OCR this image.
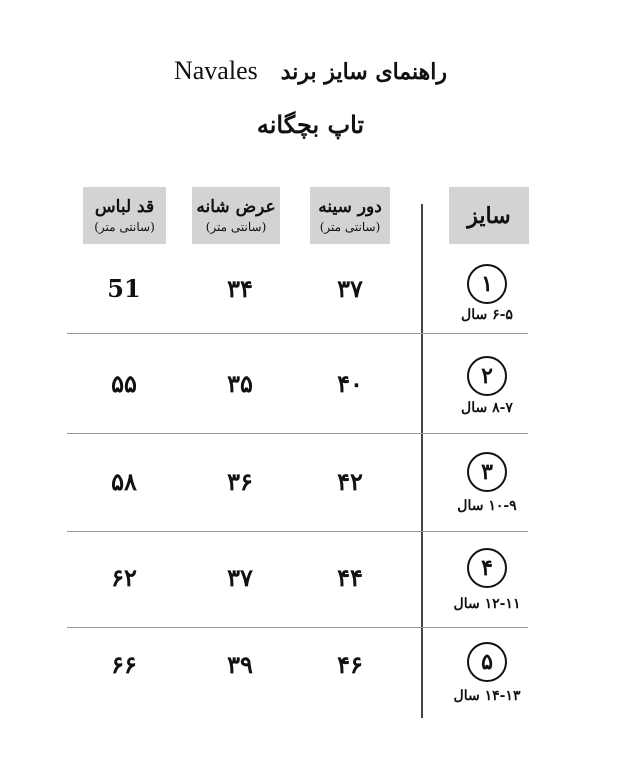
راهنمای سایز برند   Navales
تاپ بچگانه
سایز
دور سینه
(سانتی متر)
عرض شانه
(سانتی متر)
قد لباس
(سانتی متر)
۱
۶-۵ سال
۳۷
۳۴
51
۲
۸-۷ سال
۴۰
۳۵
۵۵
۳
۱۰-۹ سال
۴۲
۳۶
۵۸
۴
۱۲-۱۱ سال
۴۴
۳۷
۶۲
۵
۱۴-۱۳ سال
۴۶
۳۹
۶۶
